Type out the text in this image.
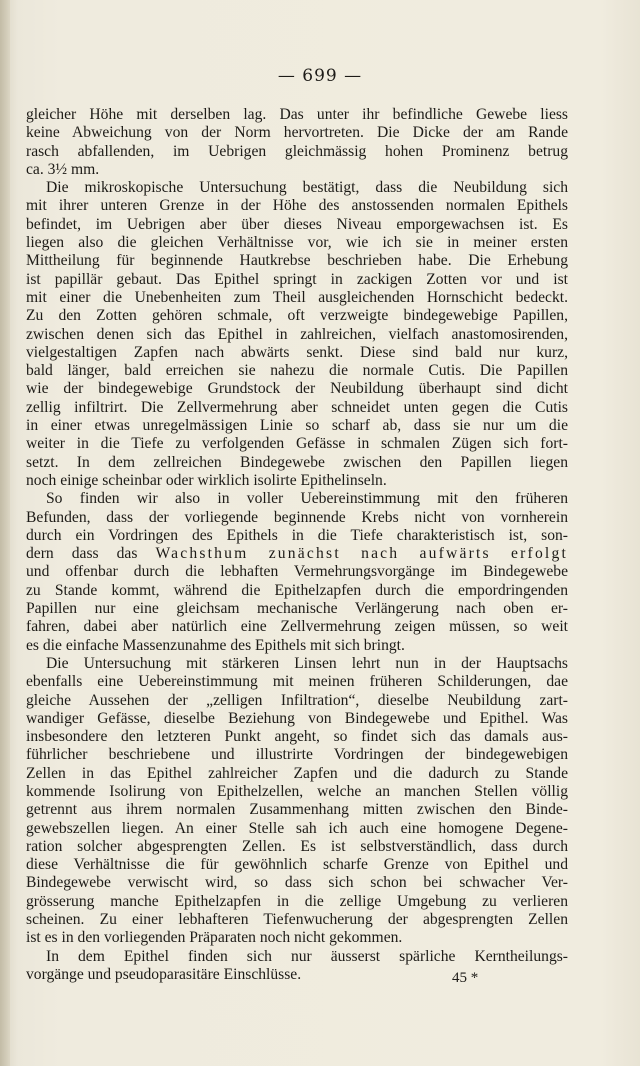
— 699 —
gleicher Höhe mit derselben lag. Das unter ihr befindliche Gewebe liess
keine Abweichung von der Norm hervortreten. Die Dicke der am Rande
rasch abfallenden, im Uebrigen gleichmässig hohen Prominenz betrug
ca. 3½ mm.
Die mikroskopische Untersuchung bestätigt, dass die Neubildung sich
mit ihrer unteren Grenze in der Höhe des anstossenden normalen Epithels
befindet, im Uebrigen aber über dieses Niveau emporgewachsen ist. Es
liegen also die gleichen Verhältnisse vor, wie ich sie in meiner ersten
Mittheilung für beginnende Hautkrebse beschrieben habe. Die Erhebung
ist papillär gebaut. Das Epithel springt in zackigen Zotten vor und ist
mit einer die Unebenheiten zum Theil ausgleichenden Hornschicht bedeckt.
Zu den Zotten gehören schmale, oft verzweigte bindegewebige Papillen,
zwischen denen sich das Epithel in zahlreichen, vielfach anastomosirenden,
vielgestaltigen Zapfen nach abwärts senkt. Diese sind bald nur kurz,
bald länger, bald erreichen sie nahezu die normale Cutis. Die Papillen
wie der bindegewebige Grundstock der Neubildung überhaupt sind dicht
zellig infiltrirt. Die Zellvermehrung aber schneidet unten gegen die Cutis
in einer etwas unregelmässigen Linie so scharf ab, dass sie nur um die
weiter in die Tiefe zu verfolgenden Gefässe in schmalen Zügen sich fort-
setzt. In dem zellreichen Bindegewebe zwischen den Papillen liegen
noch einige scheinbar oder wirklich isolirte Epithelinseln.
So finden wir also in voller Uebereinstimmung mit den früheren
Befunden, dass der vorliegende beginnende Krebs nicht von vornherein
durch ein Vordringen des Epithels in die Tiefe charakteristisch ist, son-
dern dass das Wachsthum zunächst nach aufwärts erfolgt
und offenbar durch die lebhaften Vermehrungsvorgänge im Bindegewebe
zu Stande kommt, während die Epithelzapfen durch die empordringenden
Papillen nur eine gleichsam mechanische Verlängerung nach oben er-
fahren, dabei aber natürlich eine Zellvermehrung zeigen müssen, so weit
es die einfache Massenzunahme des Epithels mit sich bringt.
Die Untersuchung mit stärkeren Linsen lehrt nun in der Hauptsachs
ebenfalls eine Uebereinstimmung mit meinen früheren Schilderungen, dae
gleiche Aussehen der „zelligen Infiltration“, dieselbe Neubildung zart-
wandiger Gefässe, dieselbe Beziehung von Bindegewebe und Epithel. Was
insbesondere den letzteren Punkt angeht, so findet sich das damals aus-
führlicher beschriebene und illustrirte Vordringen der bindegewebigen
Zellen in das Epithel zahlreicher Zapfen und die dadurch zu Stande
kommende Isolirung von Epithelzellen, welche an manchen Stellen völlig
getrennt aus ihrem normalen Zusammenhang mitten zwischen den Binde-
gewebszellen liegen. An einer Stelle sah ich auch eine homogene Degene-
ration solcher abgesprengten Zellen. Es ist selbstverständlich, dass durch
diese Verhältnisse die für gewöhnlich scharfe Grenze von Epithel und
Bindegewebe verwischt wird, so dass sich schon bei schwacher Ver-
grösserung manche Epithelzapfen in die zellige Umgebung zu verlieren
scheinen. Zu einer lebhafteren Tiefenwucherung der abgesprengten Zellen
ist es in den vorliegenden Präparaten noch nicht gekommen.
In dem Epithel finden sich nur äusserst spärliche Kerntheilungs-
vorgänge und pseudoparasitäre Einschlüsse.	45 *
